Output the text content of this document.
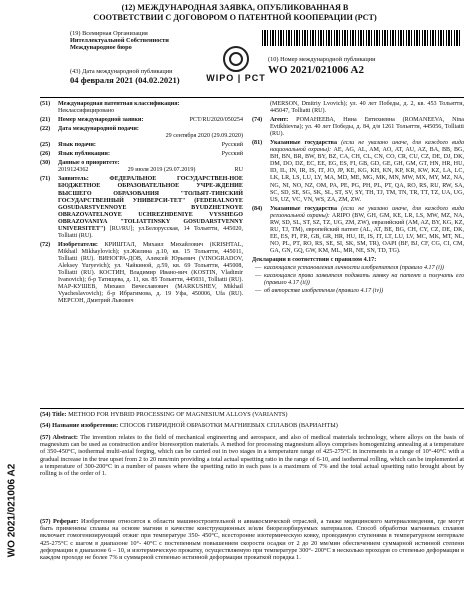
WO 2021/021006 A2
(12) МЕЖДУНАРОДНАЯ ЗАЯВКА, ОПУБЛИКОВАННАЯ В
СООТВЕТСТВИИ С ДОГОВОРОМ О ПАТЕНТНОЙ КООПЕРАЦИИ (PCT)
(19) Всемирная Организация
Интеллектуальной Собственности
Международное бюро
WIPO | PCT
(43) Дата международной публикации
04 февраля 2021 (04.02.2021)
(10) Номер международной публикации
WO 2021/021006 A2
(51)	Международная патентная классификация:
Неклассифицировано
(21)	Номер международной заявки:	PCT/RU2020/050254
(22)	Дата международной подачи:
29 сентября 2020 (29.09.2020)
(25)	Язык подачи:	Русский
(26)	Язык публикации:	Русский
(30)	Данные о приоритете:
2019124362	29 июля 2019 (29.07.2019)	RU
(71)	Заявитель:	ФЕДЕРАЛЬНОЕ ГОСУДАРСТВЕН-НОЕ БЮДЖЕТНОЕ ОБРАЗОВАТЕЛЬНОЕ УЧРЕ-ЖДЕНИЕ ВЫСШЕГО ОБРАЗОВАНИЯ "ТОЛЬЯТ-ТИНСКИЙ ГОСУДАРСТВЕННЫЙ УНИВЕРСИ-ТЕТ" (FEDERALNOYE GOSUDARSTVENNOYE BYUDZHETNOYE OBRAZOVATELNOYE UCHREZHDENIYE VYSSHEGO OBRAZOVANIYA "TOLIATTINSKY GOSUDARSTVENNY UNIVERSITET") [RU/RU]; ул.Белорусская, 14 Тольятти, 445020, Tolliatti (RU).
(72)	Изобретатели: КРИШТАЛ, Михаил Михайлович (KRISHTAL, Mikhail Mikhaylovich); ул.Жилина д.10, кв. 15 Тольятти, 445011, Tolliatti (RU). ВИНОГРА-ДОВ, Алексей Юрьевич (VINOGRADOV, Aleksey Yuryevich); ул. Чайкиной, д.59, кв. 69 Тольятти, 445008, Tolliatti (RU). КОСТИН, Владимир Ивано-вич (KOSTIN, Vladimir Ivanovich); б-р Татищева, д. 11, кв. 85 Тольятти, 445031, Tolliatti (RU). МАР-КУШЕВ, Михаил Вячеславович (MARKUSHEV, Mikhail Vyacheslavovich); б-р Ибрагимова, д. 19 Уфа, 450006, Ufa (RU). МЕРСОН, Дмитрий Львович
(MERSON, Dmitriy Lvovich); ул. 40 лет Победы, д. 2, кв. 453 Тольятти, 445047, Tolliatti (RU).
(74)	Агент: РОМАНЕЕВА, Нина Евтихиевна (ROMANEEVA, Nina Evtikhievna); ул. 40 лет Победы, д. 84, д/в 1261 Тольятти, 445056, Tolliatti (RU).
(81)	Указанные государства (если не указано иначе, для каждого вида национальной охраны): AE, AG, AL, AM, AO, AT, AU, AZ, BA, BB, BG, BH, BN, BR, BW, BY, BZ, CA, CH, CL, CN, CO, CR, CU, CZ, DE, DJ, DK, DM, DO, DZ, EC, EE, EG, ES, FI, GB, GD, GE, GH, GM, GT, HN, HR, HU, ID, IL, IN, IR, IS, IT, JO, JP, KE, KG, KH, KN, KP, KR, KW, KZ, LA, LC, LK, LR, LS, LU, LY, MA, MD, ME, MG, MK, MN, MW, MX, MY, MZ, NA, NG, NI, NO, NZ, OM, PA, PE, PG, PH, PL, PT, QA, RO, RS, RU, RW, SA, SC, SD, SE, SG, SK, SL, ST, SV, SY, TH, TJ, TM, TN, TR, TT, TZ, UA, UG, US, UZ, VC, VN, WS, ZA, ZM, ZW.
(84)	Указанные государства (если не указано иначе, для каждого вида региональной охраны): ARIPO (BW, GH, GM, KE, LR, LS, MW, MZ, NA, RW, SD, SL, ST, SZ, TZ, UG, ZM, ZW), евразийский (AM, AZ, BY, KG, KZ, RU, TJ, TM), европейский патент (AL, AT, BE, BG, CH, CY, CZ, DE, DK, EE, ES, FI, FR, GB, GR, HR, HU, IE, IS, IT, LT, LU, LV, MC, MK, MT, NL, NO, PL, PT, RO, RS, SE, SI, SK, SM, TR), OAPI (BF, BJ, CF, CG, CI, CM, GA, GN, GQ, GW, KM, ML, MR, NE, SN, TD, TG).
Декларации в соответствии с правилом 4.17:
— касающаяся установления личности изобретателя (правило 4.17 (i))
— касающаяся права заявителя подавать заявку на патент и получать его (правило 4.17 (ii))
— об авторстве изобретения (правило 4.17 (iv))
(54) Title: METHOD FOR HYBRID PROCESSING OF MAGNESIUM ALLOYS (VARIANTS)
(54) Название изобретения: СПОСОБ ГИБРИДНОЙ ОБРАБОТКИ МАГНИЕВЫХ СПЛАВОВ (ВАРИАНТЫ)
(57) Abstract: The invention relates to the field of mechanical engineering and aerospace, and also of medical materials technology, where alloys on the basis of magnesium can be used as construction and/or bioresorption materials. A method for processing magnesium alloys comprises homogenizing annealing at a temperature of 350-450°C, isothermal multi-axial forging, which can be carried out in two stages in a temperature range of 425-275°C in increments in a range of 10°-40°C with a gradual increase in the true upset from 2 to 20 mm/min providing a total actual upsetting ratio in the range of 6-10, and isothermal rolling, which can be implemented at a temperature of 300-200°C in a number of passes where the upsetting ratio in each pass is a maximum of 7% and the total actual upsetting ratio brought about by rolling is of the order of 1.
(57) Реферат: Изобретение относится к области машиностроительной и авиакосмической отраслей, а также медицинского материаловедения, где могут быть применены сплавы на основе магния в качестве конструкционных и/или биорезорбируемых материалов. Способ обработки магниевых сплавов включает гомогенизирующий отжиг при температуре 350- 450°С, всесторонне изотермическую ковку, проводимую ступенями в температурном интервале 425-275°С с шагом в диапазоне 10°- 40°С с постепенным повышением скорости осадки от 2 до 20 мм/мин обеспечением суммарной истинной степени деформации в диапазоне 6 – 10, и изотермическую прокатку, осуществляемую при температуре 300°- 200°С в несколько проходов со степенью деформации в каждом проходе не более 7% и суммарной степенью истинной деформации прокаткой порядка 1.
